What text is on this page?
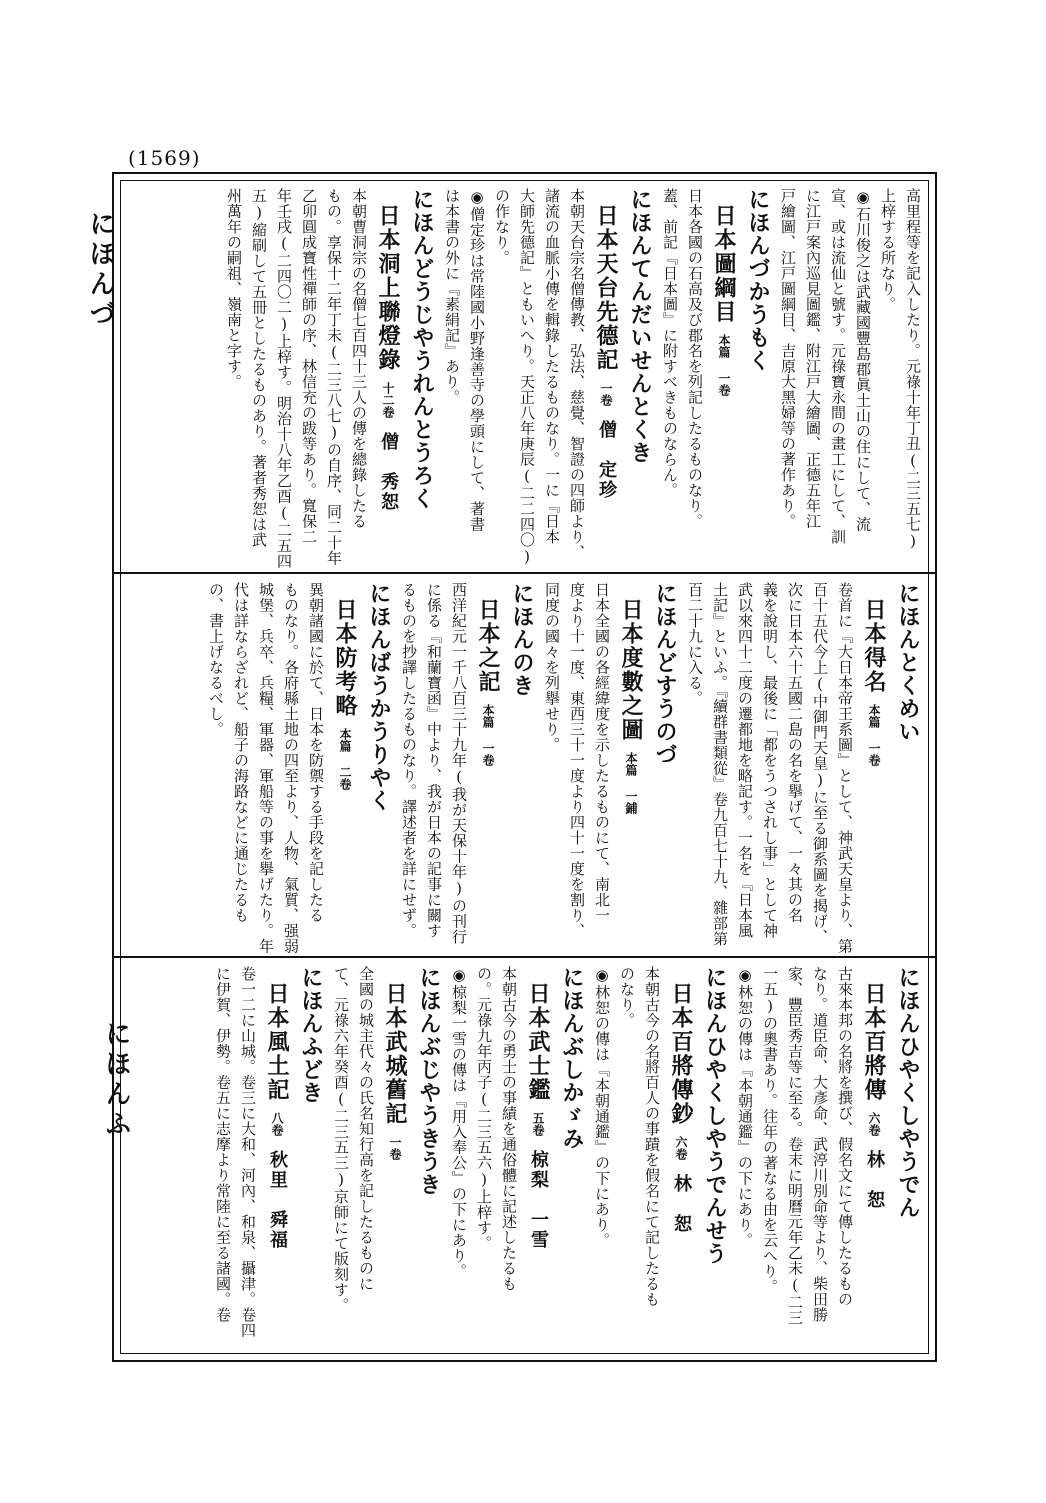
(1569)
高里程等を記入したり。元祿十年丁丑(二三五七)
上梓する所なり。
◉石川俊之は武藏國豐島郡眞土山の住にして、流
宣、或は流仙と號す。元祿寶永間の畫工にして、訓
に江戸案內巡見圖鑑、附江戸大繪圖、正德五年江
戸繪圖、江戸圖綱目、吉原大黑婦等の著作あり。
にほんづかうもく
日本圖綱目本篇 一卷
日本各國の石高及び郡名を列記したるものなり。
蓋、前記『日本圖』に附すべきものならん。
にほんてんだいせんとくき
日本天台先德記一卷僧　定珍
本朝天台宗名僧傳教、弘法、慈覺、智證の四師より、
諸流の血脈小傳を輯錄したるものなり。一に『日本
大師先德記』ともいへり。天正八年庚辰(二二四〇)
の作なり。
◉僧定珍は常陸國小野逢善寺の學頭にして、著書
は本書の外に『素絹記』あり。
にほんどうじやうれんとうろく
日本洞上聯燈錄十二卷僧　秀恕
本朝曹洞宗の名僧七百四十三人の傳を總錄したる
もの。享保十二年丁未(二三八七)の自序、同二十年
乙卯圓成寶性禪師の序、林信充の跋等あり。寬保二
年壬戌(二四〇二)上梓す。明治十八年乙酉(二五四
五)縮刷して五冊としたるものあり。著者秀恕は武
州萬年の嗣祖、嶺南と字す。
にほんとくめい
日本得名本篇 一卷
卷首に『大日本帝王系圖』として、神武天皇より、第
百十五代今上(中御門天皇)に至る御系圖を揭げ、
次に日本六十五國二島の名を擧げて、一々其の名
義を說明し、最後に「都をうつされし事」として神
武以來四十二度の遷都地を略記す。一名を『日本風
土記』といふ。『續群書類從』卷九百七十九、雜部第
百二十九に入る。
にほんどすうのづ
日本度數之圖本篇 一鋪
日本全國の各經緯度を示したるものにて、南北一
度より十一度、東西三十一度より四十一度を割り、
同度の國々を列擧せり。
にほんのき
日本之記本篇 一卷
西洋紀元一千八百三十九年(我が天保十年)の刊行
に係る『和蘭寶函』中より、我が日本の記事に關す
るものを抄譯したるものなり。譯述者を詳にせず。
にほんばうかうりやく
日本防考略本篇 二卷
異朝諸國に於て、日本を防禦する手段を記したる
ものなり。各府縣土地の四至より、人物、氣質、强弱
城堡、兵卒、兵糧、軍器、軍船等の事を擧げたり。年
代は詳ならざれど、船子の海路などに通じたるも
の、書上げなるべし。
にほんひやくしやうでん
日本百將傳六卷林　恕
古來本邦の名將を撰び、假名文にて傳したるもの
なり。道臣命、大彥命、武渟川別命等より、柴田勝
家、豐臣秀吉等に至る。卷末に明曆元年乙未(二三
一五)の奧書あり。往年の著なる由を云へり。
◉林恕の傳は『本朝通鑑』の下にあり。
にほんひやくしやうでんせう
日本百將傳鈔六卷林　恕
本朝古今の名將百人の事蹟を假名にて記したるも
のなり。
◉林恕の傳は『本朝通鑑』の下にあり。
にほんぶしかゞみ
日本武士鑑五卷椋梨　一雪
本朝古今の勇士の事績を通俗體に記述したるも
の。元祿九年丙子(二三五六)上梓す。
◉椋梨一雪の傳は『用入奉公』の下にあり。
にほんぶじやうきうき
日本武城舊記一卷
全國の城主代々の氏名知行高を記したるものに
て、元祿六年癸酉(二三五三)京師にて版刻す。
にほんふどき
日本風土記八卷秋里　舜福
卷一二に山城。卷三に大和、河內、和泉、攝津。卷四
に伊賀、伊勢。卷五に志摩より常陸に至る諸國。卷
にほんづ
にほんふ
